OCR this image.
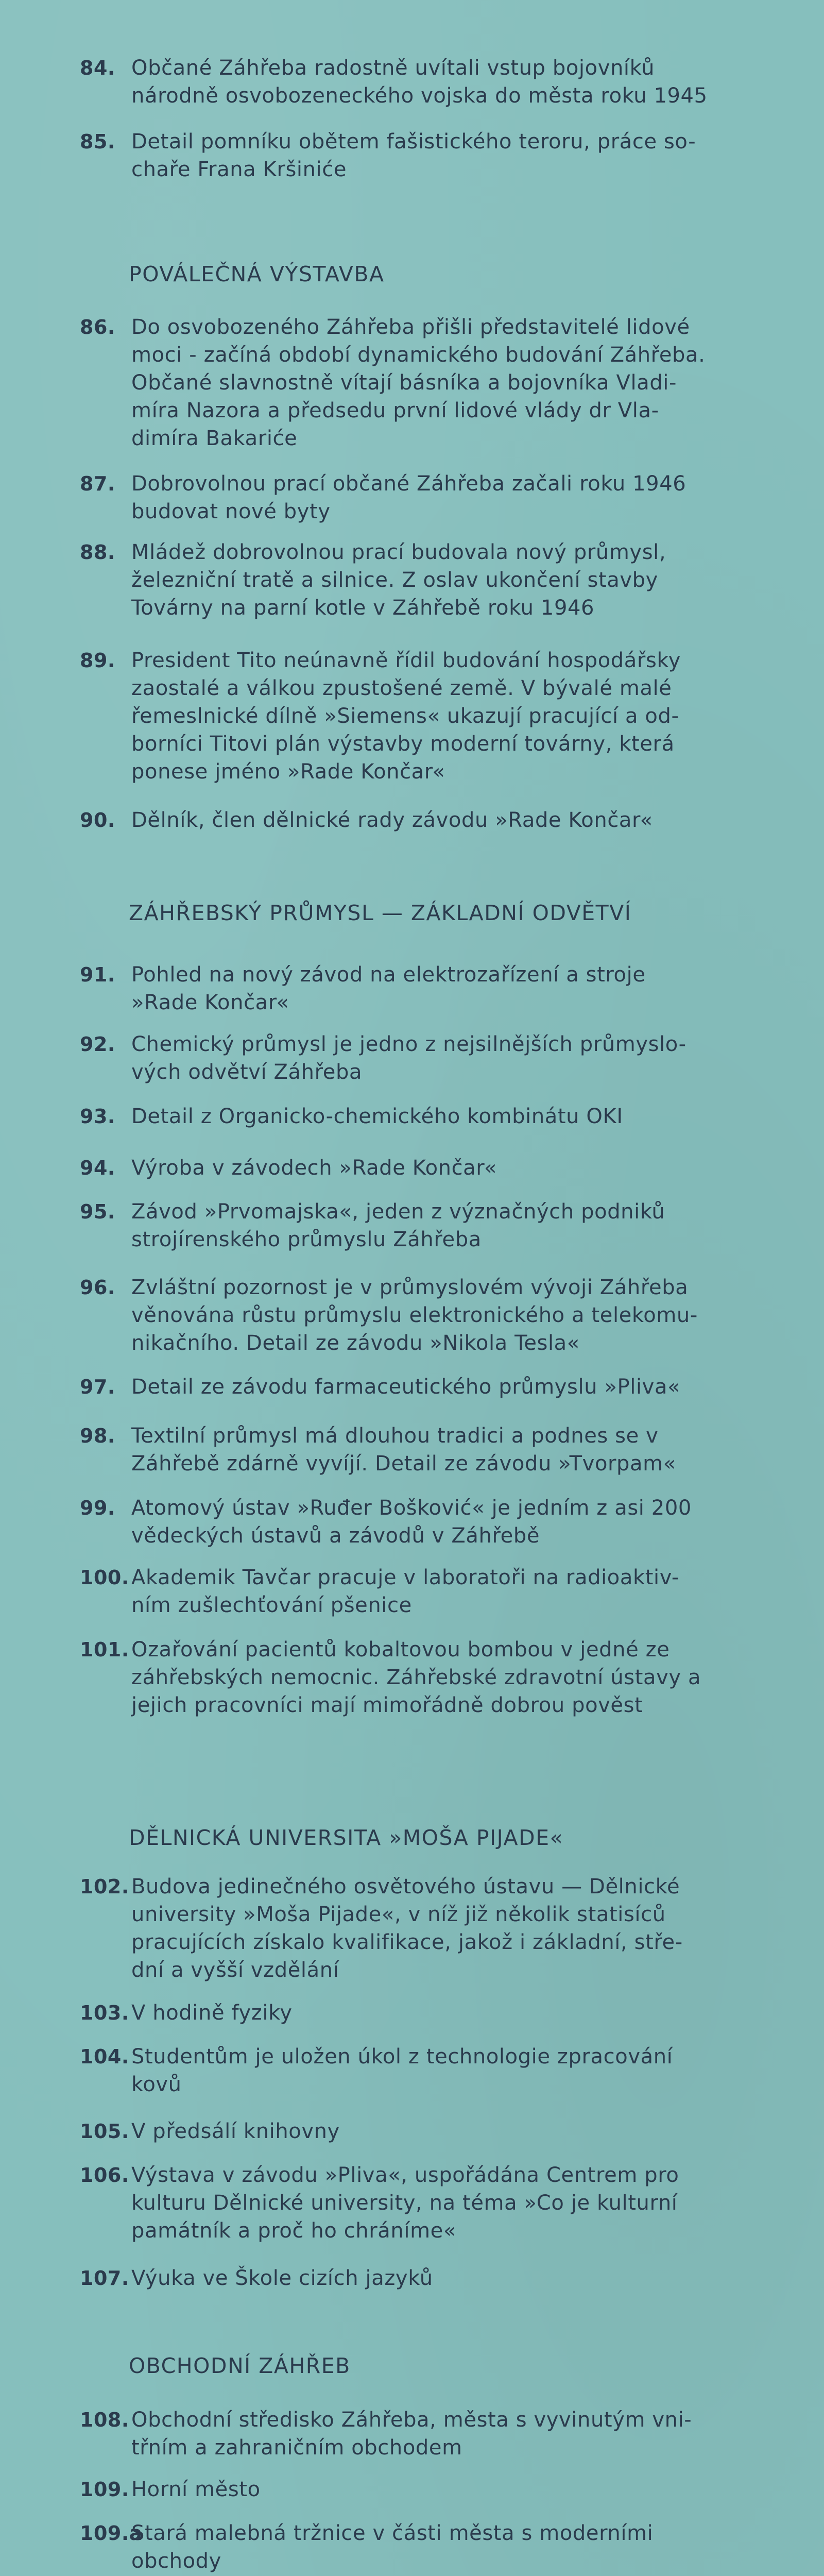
84. Občané Záhřeba radostně uvítali vstup bojovníků
národně osvobozeneckého vojska do města roku 1945
85. Detail pomníku obětem fašistického teroru, práce so-
chaře Frana Kršiniće
POVÁLEČNÁ VÝSTAVBA
86. Do osvobozeného Záhřeba přišli představitelé lidové
moci - začíná období dynamického budování Záhřeba.
Občané slavnostně vítají básníka a bojovníka Vladi-
míra Nazora a předsedu první lidové vlády dr Vla-
dimíra Bakariće
87. Dobrovolnou prací občané Záhřeba začali roku 1946
budovat nové byty
88. Mládež dobrovolnou prací budovala nový průmysl,
železniční tratě a silnice. Z oslav ukončení stavby
Továrny na parní kotle v Záhřebě roku 1946
89. President Tito neúnavně řídil budování hospodářsky
zaostalé a válkou zpustošené země. V bývalé malé
řemeslnické dílně »Siemens« ukazují pracující a od-
borníci Titovi plán výstavby moderní továrny, která
ponese jméno »Rade Končar«
90. Dělník, člen dělnické rady závodu »Rade Končar«
ZÁHŘEBSKÝ PRŮMYSL — ZÁKLADNÍ ODVĚTVÍ
91. Pohled na nový závod na elektrozařízení a stroje
»Rade Končar«
92. Chemický průmysl je jedno z nejsilnějších průmyslo-
vých odvětví Záhřeba
93. Detail z Organicko-chemického kombinátu OKI
94. Výroba v závodech »Rade Končar«
95. Závod »Prvomajska«, jeden z význačných podniků
strojírenského průmyslu Záhřeba
96. Zvláštní pozornost je v průmyslovém vývoji Záhřeba
věnována růstu průmyslu elektronického a telekomu-
nikačního. Detail ze závodu »Nikola Tesla«
97. Detail ze závodu farmaceutického průmyslu »Pliva«
98. Textilní průmysl má dlouhou tradici a podnes se v
Záhřebě zdárně vyvíjí. Detail ze závodu »Tvorpam«
99. Atomový ústav »Ruđer Bošković« je jedním z asi 200
vědeckých ústavů a závodů v Záhřebě
100. Akademik Tavčar pracuje v laboratoři na radioaktiv-
ním zušlechťování pšenice
101. Ozařování pacientů kobaltovou bombou v jedné ze
záhřebských nemocnic. Záhřebské zdravotní ústavy a
jejich pracovníci mají mimořádně dobrou pověst
DĚLNICKÁ UNIVERSITA »MOŠA PIJADE«
102. Budova jedinečného osvětového ústavu — Dělnické
university »Moša Pijade«, v níž již několik statisíců
pracujících získalo kvalifikace, jakož i základní, stře-
dní a vyšší vzdělání
103. V hodině fyziky
104. Studentům je uložen úkol z technologie zpracování
kovů
105. V předsálí knihovny
106. Výstava v závodu »Pliva«, uspořádána Centrem pro
kulturu Dělnické university, na téma »Co je kulturní
památník a proč ho chráníme«
107. Výuka ve Škole cizích jazyků
OBCHODNÍ ZÁHŘEB
108. Obchodní středisko Záhřeba, města s vyvinutým vni-
třním a zahraničním obchodem
109. Horní město
109.a
Stará malebná tržnice v části města s moderními
obchody
